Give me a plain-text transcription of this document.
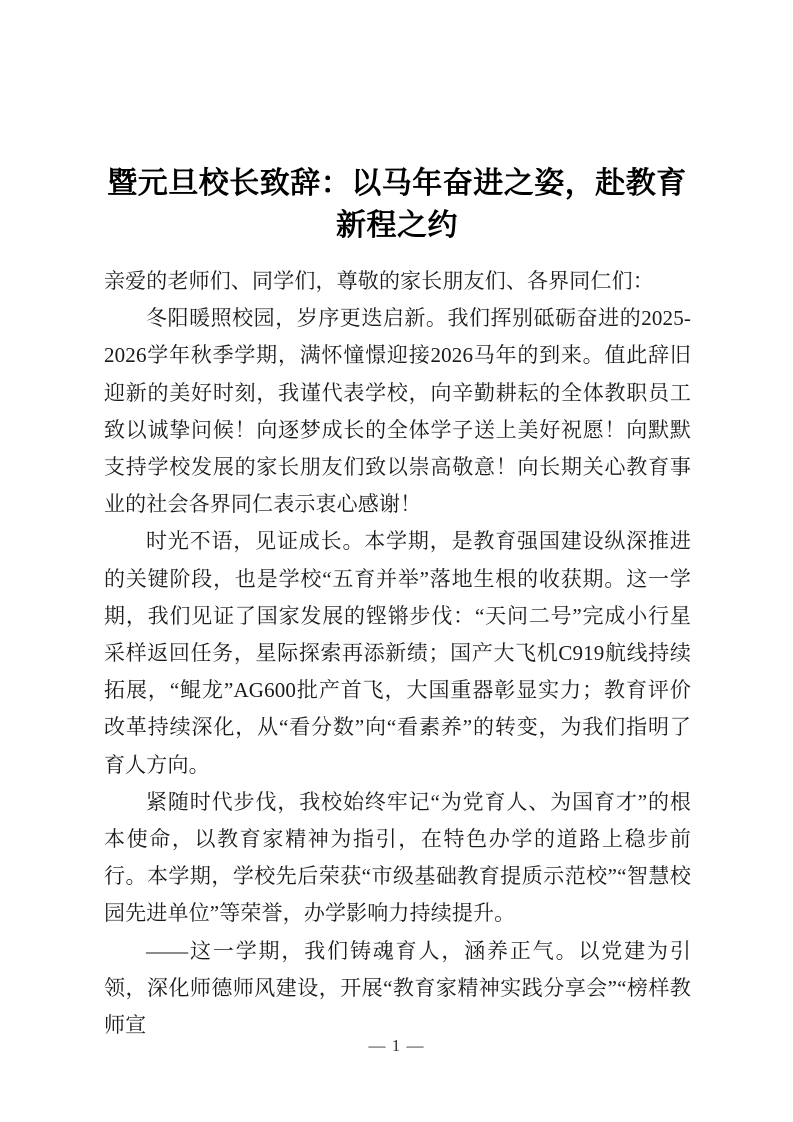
暨元旦校长致辞：以马年奋进之姿，赴教育新程之约

亲爱的老师们、同学们，尊敬的家长朋友们、各界同仁们：

冬阳暖照校园，岁序更迭启新。我们挥别砥砺奋进的2025-2026学年秋季学期，满怀憧憬迎接2026马年的到来。值此辞旧迎新的美好时刻，我谨代表学校，向辛勤耕耘的全体教职员工致以诚挚问候！向逐梦成长的全体学子送上美好祝愿！向默默支持学校发展的家长朋友们致以崇高敬意！向长期关心教育事业的社会各界同仁表示衷心感谢！

时光不语，见证成长。本学期，是教育强国建设纵深推进的关键阶段，也是学校“五育并举”落地生根的收获期。这一学期，我们见证了国家发展的铿锵步伐：“天问二号”完成小行星采样返回任务，星际探索再添新绩；国产大飞机C919航线持续拓展，“鲲龙”AG600批产首飞，大国重器彰显实力；教育评价改革持续深化，从“看分数”向“看素养”的转变，为我们指明了育人方向。

紧随时代步伐，我校始终牢记“为党育人、为国育才”的根本使命，以教育家精神为指引，在特色办学的道路上稳步前行。本学期，学校先后荣获“市级基础教育提质示范校”“智慧校园先进单位”等荣誉，办学影响力持续提升。

——这一学期，我们铸魂育人，涵养正气。以党建为引领，深化师德师风建设，开展“教育家精神实践分享会”“榜样教师宣

— 1 —
